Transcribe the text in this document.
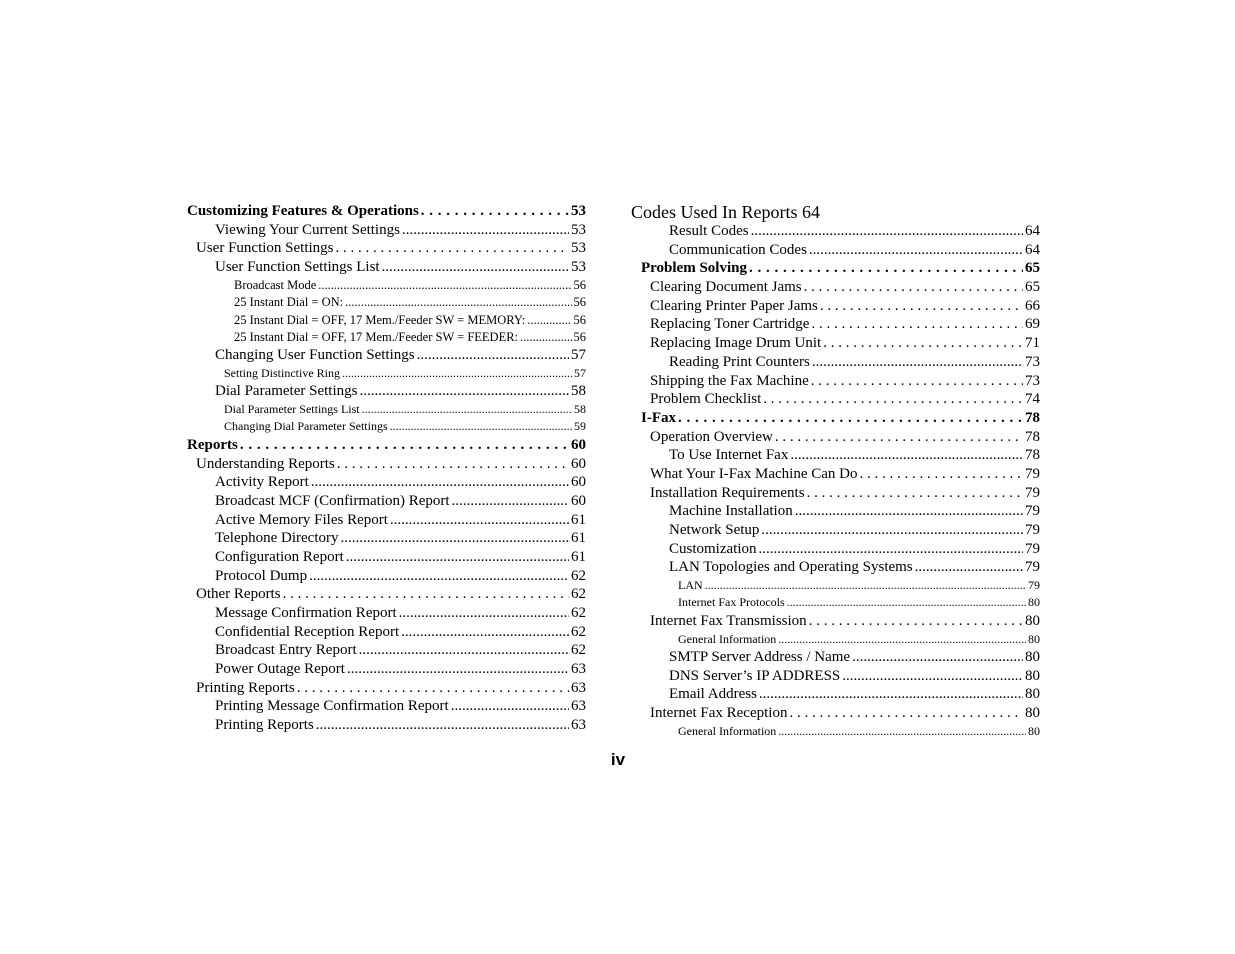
Customizing Features & Operations . . .	53
Viewing Your Current Settings .....	53
User Function Settings . . .	53
User Function Settings List .....	53
Broadcast Mode .....	56
25 Instant Dial = ON: .....	56
25 Instant Dial = OFF, 17 Mem./Feeder SW = MEMORY: .....	56
25 Instant Dial = OFF, 17 Mem./Feeder SW = FEEDER: .....	56
Changing User Function Settings .....	57
Setting Distinctive Ring .....	57
Dial Parameter Settings .....	58
Dial Parameter Settings List .....	58
Changing Dial Parameter Settings .....	59
Reports . . .	60
Understanding Reports . . .	60
Activity Report .....	60
Broadcast MCF (Confirmation) Report .....	60
Active Memory Files Report .....	61
Telephone Directory .....	61
Configuration Report .....	61
Protocol Dump .....	62
Other Reports . . .	62
Message Confirmation Report .....	62
Confidential Reception Report .....	62
Broadcast Entry Report .....	62
Power Outage Report .....	63
Printing Reports . . .	63
Printing Message Confirmation Report .....	63
Printing Reports .....	63
Codes Used In Reports 64
Result Codes .....	64
Communication Codes .....	64
Problem Solving . . .	65
Clearing Document Jams . . .	65
Clearing Printer Paper Jams . . .	66
Replacing Toner Cartridge . . .	69
Replacing Image Drum Unit . . .	71
Reading Print Counters .....	73
Shipping the Fax Machine . . .	73
Problem Checklist . . .	74
I-Fax . . .	78
Operation Overview . . .	78
To Use Internet Fax .....	78
What Your I-Fax Machine Can Do . . .	79
Installation Requirements . . .	79
Machine Installation .....	79
Network Setup .....	79
Customization .....	79
LAN Topologies and Operating Systems .....	79
LAN .....	79
Internet Fax Protocols .....	80
Internet Fax Transmission . . .	80
General Information .....	80
SMTP Server Address / Name .....	80
DNS Server’s IP ADDRESS .....	80
Email Address .....	80
Internet Fax Reception . . .	80
General Information .....	80
iv
